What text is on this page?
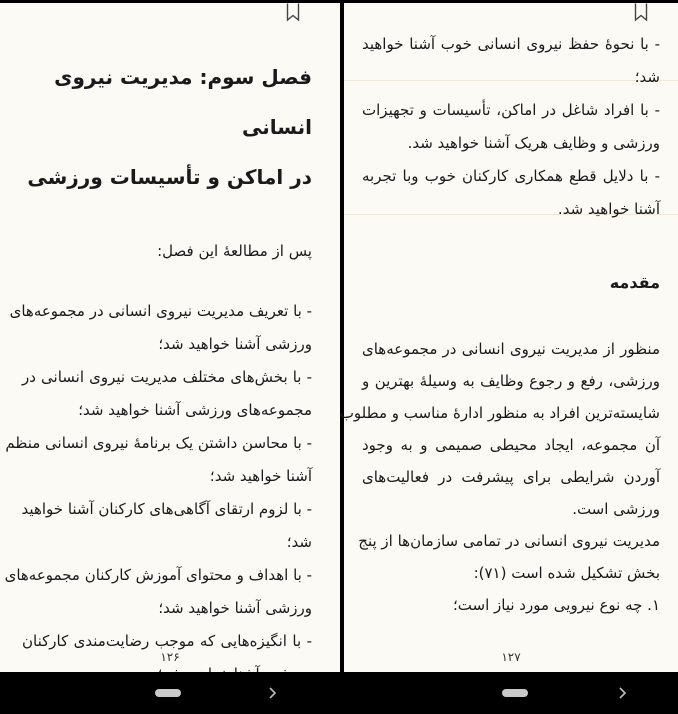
فصل سوم: مدیریت نیروی انسانی
در اماکن و تأسیسات ورزشی
پس از مطالعۀ این فصل:
- با تعریف مدیریت نیروی انسانی در مجموعه‌های
ورزشی آشنا خواهید شد؛
- با بخش‌های مختلف مدیریت نیروی انسانی در
مجموعه‌های ورزشی آشنا خواهید شد؛
- با محاسن داشتن یک برنامۀ نیروی انسانی منظم
آشنا خواهید شد؛
- با لزوم ارتقای آگاهی‌های کارکنان آشنا خواهید
شد؛
- با اهداف و محتوای آموزش کارکنان مجموعه‌های
ورزشی آشنا خواهید شد؛
- با انگیزه‌هایی که موجب رضایت‌مندی کارکنان
۱۲۶
- با نحوۀ حفظ نیروی انسانی خوب آشنا خواهید
شد؛
- با افراد شاغل در اماکن، تأسیسات و تجهیزات
ورزشی و وظایف هریک آشنا خواهید شد.
- با دلایل قطع همکاری کارکنان خوب وبا تجربه
آشنا خواهید شد.
مقدمه
منظور از مدیریت نیروی انسانی در مجموعه‌های
ورزشی، رفع و رجوع وظایف به وسیلۀ بهترین و
شایسته‌ترین افراد به منظور ادارۀ مناسب و مطلوب
آن مجموعه، ایجاد محیطی صمیمی و به وجود
آوردن شرایطی برای پیشرفت در فعالیت‌های
ورزشی است.
مدیریت نیروی انسانی در تمامی سازمان‌ها از پنج
بخش تشکیل شده است (۷۱):
۱. چه نوع نیرویی مورد نیاز است؛
۱۲۷
